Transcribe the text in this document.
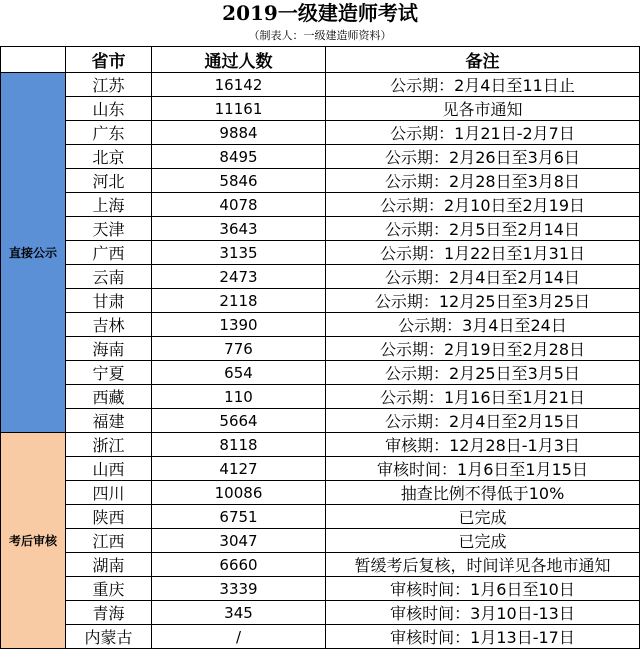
2019一级建造师考试
（制表人：一级建造师资料）
	省市	通过人数	备注
直接公示	江苏	16142	公示期：2月4日至11日止
	山东	11161	见各市通知
	广东	9884	公示期：1月21日-2月7日
	北京	8495	公示期：2月26日至3月6日
	河北	5846	公示期：2月28日至3月8日
	上海	4078	公示期：2月10日至2月19日
	天津	3643	公示期：2月5日至2月14日
	广西	3135	公示期：1月22日至1月31日
	云南	2473	公示期：2月4日至2月14日
	甘肃	2118	公示期：12月25日至3月25日
	吉林	1390	公示期：3月4日至24日
	海南	776	公示期：2月19日至2月28日
	宁夏	654	公示期：2月25日至3月5日
	西藏	110	公示期：1月16日至1月21日
	福建	5664	公示期：2月4日至2月15日
考后审核	浙江	8118	审核期：12月28日-1月3日
	山西	4127	审核时间：1月6日至1月15日
	四川	10086	抽查比例不得低于10%
	陕西	6751	已完成
	江西	3047	已完成
	湖南	6660	暂缓考后复核，时间详见各地市通知
	重庆	3339	审核时间：1月6日至10日
	青海	345	审核时间：3月10日-13日
	内蒙古	/	审核时间：1月13日-17日
